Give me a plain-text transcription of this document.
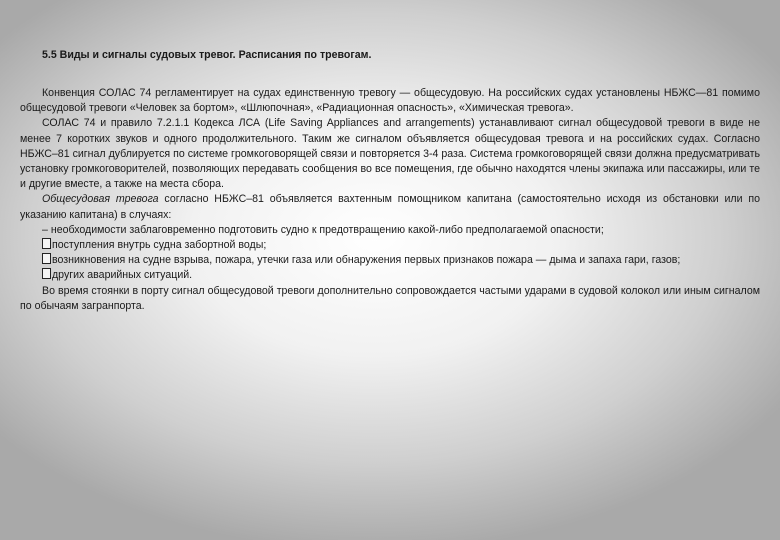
5.5 Виды и сигналы судовых тревог. Расписания по тревогам.

Конвенция СОЛАС 74 регламентирует на судах единственную тревогу — общесудовую. На российских судах установлены НБЖС—81 помимо общесудовой тревоги «Человек за бортом», «Шлюпочная», «Радиационная опасность», «Химическая тревога».

СОЛАС 74 и правило 7.2.1.1 Кодекса ЛСА (Life Saving Appliances and arrangements) устанавливают сигнал общесудовой тревоги в виде не менее 7 коротких звуков и одного продолжительного. Таким же сигналом объявляется общесудовая тревога и на российских судах. Согласно НБЖС–81 сигнал дублируется по системе громкоговорящей связи и повторяется 3-4 раза. Система громкоговорящей связи должна предусматривать установку громкоговорителей, позволяющих передавать сообщения во все помещения, где обычно находятся члены экипажа или пассажиры, или те и другие вместе, а также на места сбора.

Общесудовая тревога согласно НБЖС–81 объявляется вахтенным помощником капитана (самостоятельно исходя из обстановки или по указанию капитана) в случаях:

– необходимости заблаговременно подготовить судно к предотвращению какой-либо предполагаемой опасности;

поступления внутрь судна забортной воды;

возникновения на судне взрыва, пожара, утечки газа или обнаружения первых признаков пожара — дыма и запаха гари, газов;

других аварийных ситуаций.

Во время стоянки в порту сигнал общесудовой тревоги дополнительно сопровождается частыми ударами в судовой колокол или иным сигналом по обычаям загранпорта.
